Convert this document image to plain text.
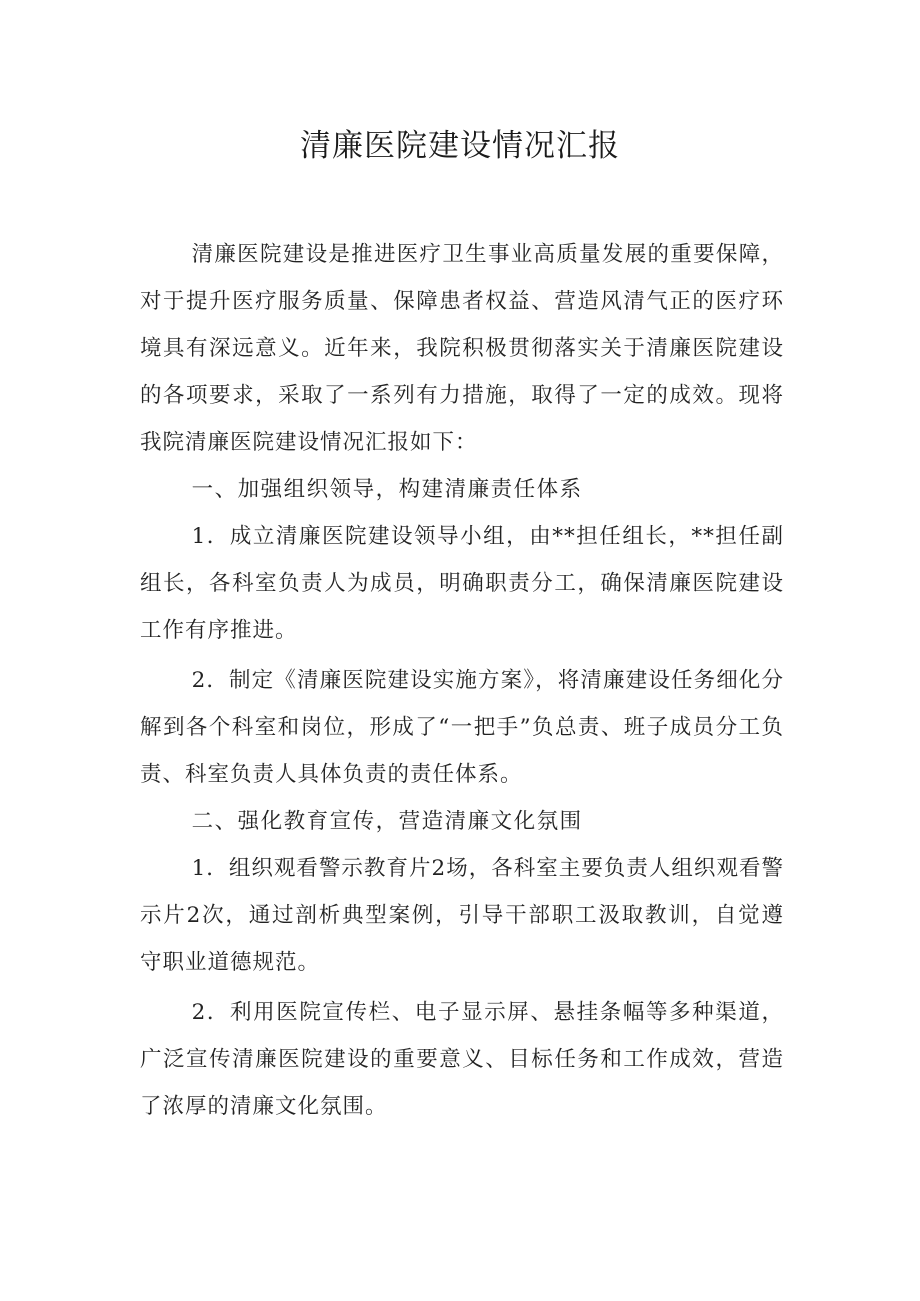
清廉医院建设情况汇报

清廉医院建设是推进医疗卫生事业高质量发展的重要保障，对于提升医疗服务质量、保障患者权益、营造风清气正的医疗环境具有深远意义。近年来，我院积极贯彻落实关于清廉医院建设的各项要求，采取了一系列有力措施，取得了一定的成效。现将我院清廉医院建设情况汇报如下：

一、加强组织领导，构建清廉责任体系

1．成立清廉医院建设领导小组，由**担任组长，**担任副组长，各科室负责人为成员，明确职责分工，确保清廉医院建设工作有序推进。

2．制定《清廉医院建设实施方案》，将清廉建设任务细化分解到各个科室和岗位，形成了“一把手”负总责、班子成员分工负责、科室负责人具体负责的责任体系。

二、强化教育宣传，营造清廉文化氛围

1．组织观看警示教育片2场，各科室主要负责人组织观看警示片2次，通过剖析典型案例，引导干部职工汲取教训，自觉遵守职业道德规范。

2．利用医院宣传栏、电子显示屏、悬挂条幅等多种渠道，广泛宣传清廉医院建设的重要意义、目标任务和工作成效，营造了浓厚的清廉文化氛围。
